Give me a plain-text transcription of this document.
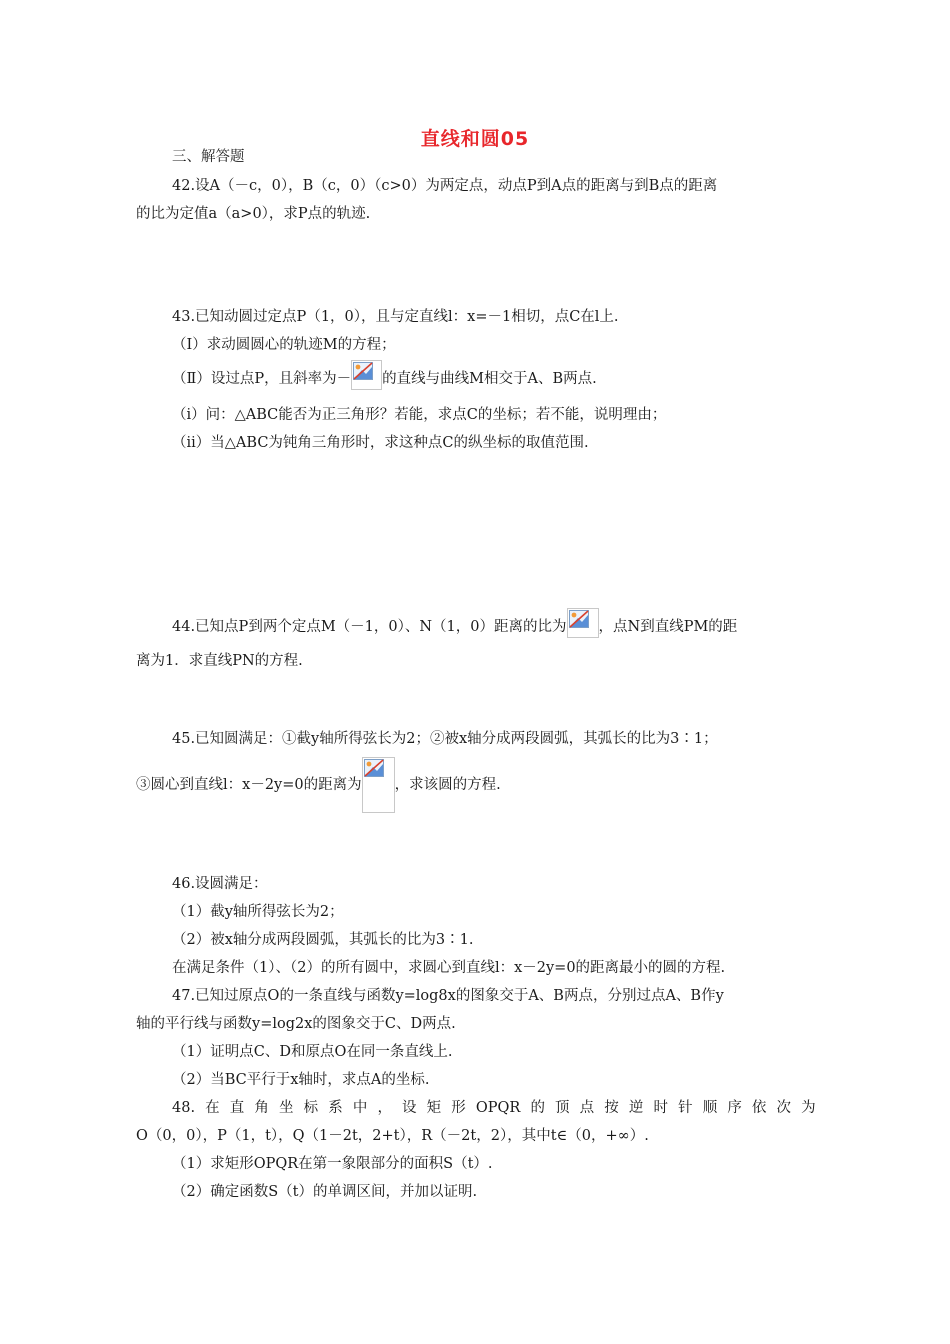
直线和圆05
三、解答题
42.设A（－c，0），B（c，0）（c>0）为两定点，动点P到A点的距离与到B点的距离
的比为定值a（a>0），求P点的轨迹.
43.已知动圆过定点P（1，0），且与定直线l：x=－1相切，点C在l上.
（Ⅰ）求动圆圆心的轨迹M的方程；
（Ⅱ）设过点P，且斜率为－ 的直线与曲线M相交于A、B两点.
（i）问：△ABC能否为正三角形？若能，求点C的坐标；若不能，说明理由；
（ii）当△ABC为钝角三角形时，求这种点C的纵坐标的取值范围.
44.已知点P到两个定点M（－1，0）、N（1，0）距离的比为 ，点N到直线PM的距
离为1．求直线PN的方程.
45.已知圆满足：①截y轴所得弦长为2；②被x轴分成两段圆弧，其弧长的比为3∶1；
③圆心到直线l：x－2y=0的距离为 ，求该圆的方程.
46.设圆满足：
（1）截y轴所得弦长为2；
（2）被x轴分成两段圆弧，其弧长的比为3∶1.
在满足条件（1）、（2）的所有圆中，求圆心到直线l：x－2y=0的距离最小的圆的方程.
47.已知过原点O的一条直线与函数y=log8x的图象交于A、B两点，分别过点A、B作y
轴的平行线与函数y=log2x的图象交于C、D两点.
（1）证明点C、D和原点O在同一条直线上.
（2）当BC平行于x轴时，求点A的坐标.
48. 在 直 角 坐 标 系 中 ， 设 矩 形 OPQR 的 顶 点 按 逆 时 针 顺 序 依 次 为
O（0，0），P（1，t），Q（1－2t，2+t），R（－2t，2），其中t∈（0，+∞）.
（1）求矩形OPQR在第一象限部分的面积S（t）.
（2）确定函数S（t）的单调区间，并加以证明.
